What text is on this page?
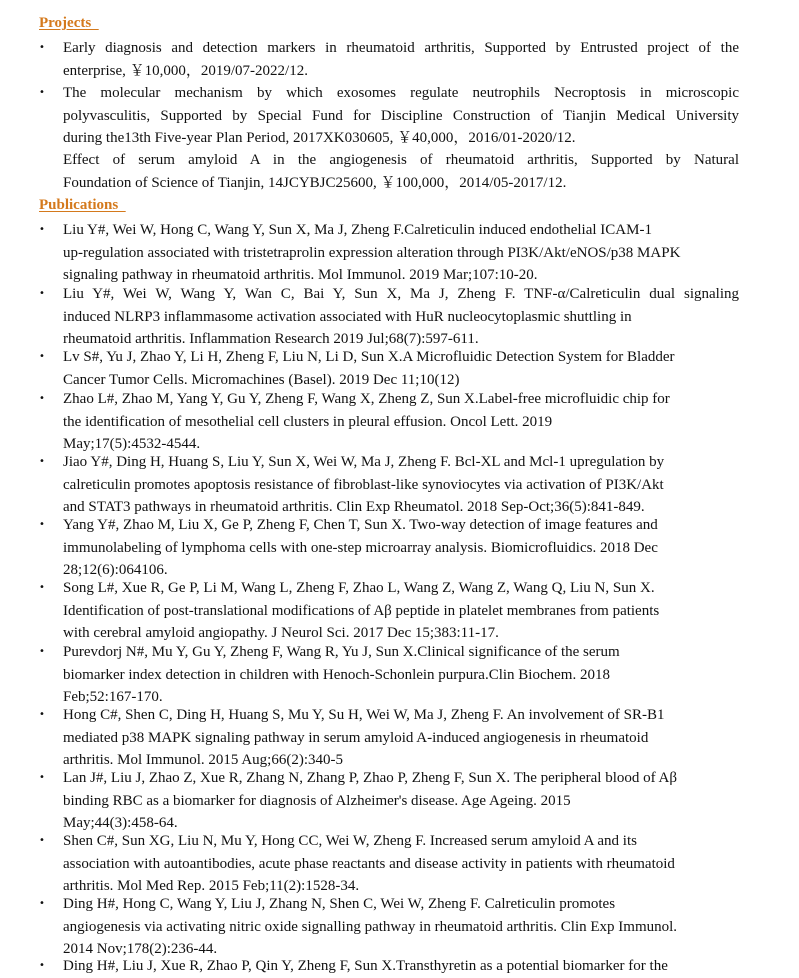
Projects
•	Early diagnosis and detection markers in rheumatoid arthritis, Supported by Entrusted project of the
enterprise, ￥10,000，2019/07-2022/12.
•	The molecular mechanism by which exosomes regulate neutrophils Necroptosis in microscopic
polyvasculitis, Supported by Special Fund for Discipline Construction of Tianjin Medical University
during the13th Five-year Plan Period, 2017XK030605, ￥40,000，2016/01-2020/12.
Effect of serum amyloid A in the angiogenesis of rheumatoid arthritis, Supported by Natural
Foundation of Science of Tianjin, 14JCYBJC25600, ￥100,000，2014/05-2017/12.
Publications
•	Liu Y#, Wei W, Hong C, Wang Y, Sun X, Ma J, Zheng F.Calreticulin induced endothelial ICAM-1
up-regulation associated with tristetraprolin expression alteration through PI3K/Akt/eNOS/p38 MAPK
signaling pathway in rheumatoid arthritis. Mol Immunol. 2019 Mar;107:10-20.
•	Liu Y#, Wei W, Wang Y, Wan C, Bai Y, Sun X, Ma J, Zheng F. TNF-α/Calreticulin dual signaling
induced NLRP3 inflammasome activation associated with HuR nucleocytoplasmic shuttling in
rheumatoid arthritis. Inflammation Research 2019 Jul;68(7):597-611.
•	Lv S#, Yu J, Zhao Y, Li H, Zheng F, Liu N, Li D, Sun X.A Microfluidic Detection System for Bladder
Cancer Tumor Cells. Micromachines (Basel). 2019 Dec 11;10(12)
•	Zhao L#, Zhao M, Yang Y, Gu Y, Zheng F, Wang X, Zheng Z, Sun X.Label-free microfluidic chip for
the identification of mesothelial cell clusters in pleural effusion. Oncol Lett. 2019
May;17(5):4532-4544.
•	Jiao Y#, Ding H, Huang S, Liu Y, Sun X, Wei W, Ma J, Zheng F. Bcl-XL and Mcl-1 upregulation by
calreticulin promotes apoptosis resistance of fibroblast-like synoviocytes via activation of PI3K/Akt
and STAT3 pathways in rheumatoid arthritis. Clin Exp Rheumatol. 2018 Sep-Oct;36(5):841-849.
•	Yang Y#, Zhao M, Liu X, Ge P, Zheng F, Chen T, Sun X. Two-way detection of image features and
immunolabeling of lymphoma cells with one-step microarray analysis. Biomicrofluidics. 2018 Dec
28;12(6):064106.
•	Song L#, Xue R, Ge P, Li M, Wang L, Zheng F, Zhao L, Wang Z, Wang Z, Wang Q, Liu N, Sun X.
Identification of post-translational modifications of Aβ peptide in platelet membranes from patients
with cerebral amyloid angiopathy. J Neurol Sci. 2017 Dec 15;383:11-17.
•	Purevdorj N#, Mu Y, Gu Y, Zheng F, Wang R, Yu J, Sun X.Clinical significance of the serum
biomarker index detection in children with Henoch-Schonlein purpura.Clin Biochem. 2018
Feb;52:167-170.
•	Hong C#, Shen C, Ding H, Huang S, Mu Y, Su H, Wei W, Ma J, Zheng F. An involvement of SR-B1
mediated p38 MAPK signaling pathway in serum amyloid A-induced angiogenesis in rheumatoid
arthritis. Mol Immunol. 2015 Aug;66(2):340-5
•	Lan J#, Liu J, Zhao Z, Xue R, Zhang N, Zhang P, Zhao P, Zheng F, Sun X. The peripheral blood of Aβ
binding RBC as a biomarker for diagnosis of Alzheimer's disease. Age Ageing. 2015
May;44(3):458-64.
•	Shen C#, Sun XG, Liu N, Mu Y, Hong CC, Wei W, Zheng F. Increased serum amyloid A and its
association with autoantibodies, acute phase reactants and disease activity in patients with rheumatoid
arthritis. Mol Med Rep. 2015 Feb;11(2):1528-34.
•	Ding H#, Hong C, Wang Y, Liu J, Zhang N, Shen C, Wei W, Zheng F. Calreticulin promotes
angiogenesis via activating nitric oxide signalling pathway in rheumatoid arthritis. Clin Exp Immunol.
2014 Nov;178(2):236-44.
•	Ding H#, Liu J, Xue R, Zhao P, Qin Y, Zheng F, Sun X.Transthyretin as a potential biomarker for the
